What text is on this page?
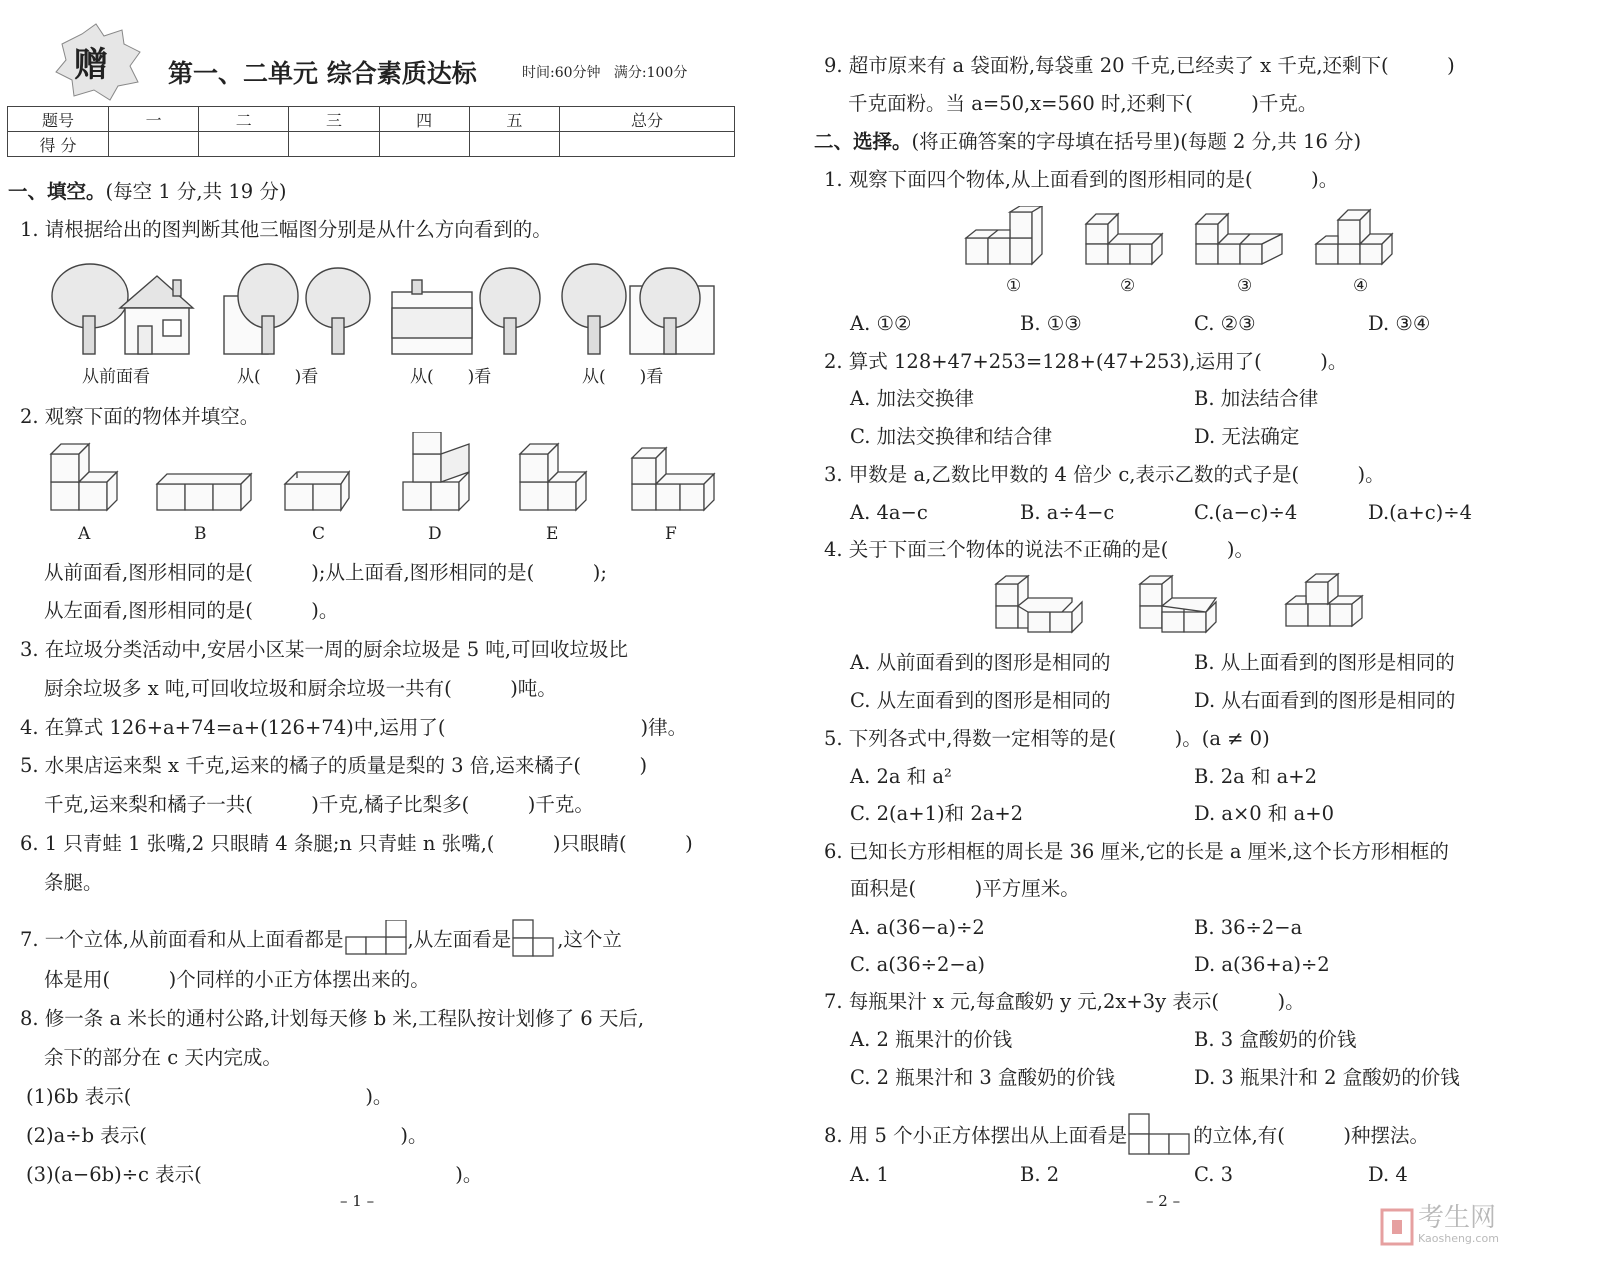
赠 第一、二单元 综合素质达标	时间:60分钟 满分:100分
题号	一	二	三	四	五	总分
得 分						
一、填空。(每空 1 分,共 19 分)
1. 请根据给出的图判断其他三幅图分别是从什么方向看到的。
从前面看	从(　　)看	从(　　)看	从(　　)看
2. 观察下面的物体并填空。
A	B	C	D	E	F
从前面看,图形相同的是(　　　);从上面看,图形相同的是(　　　);
从左面看,图形相同的是(　　　)。
3. 在垃圾分类活动中,安居小区某一周的厨余垃圾是 5 吨,可回收垃圾比
厨余垃圾多 x 吨,可回收垃圾和厨余垃圾一共有(　　　)吨。
4. 在算式 126+a+74=a+(126+74)中,运用了(　　　　　　　　　　)律。
5. 水果店运来梨 x 千克,运来的橘子的质量是梨的 3 倍,运来橘子(　　　)
千克,运来梨和橘子一共(　　　)千克,橘子比梨多(　　　)千克。
6. 1 只青蛙 1 张嘴,2 只眼睛 4 条腿;n 只青蛙 n 张嘴,(　　　)只眼睛(　　　)
条腿。
7. 一个立体,从前面看和从上面看都是	,从左面看是 ,这个立
体是用(　　　)个同样的小正方体摆出来的。
8. 修一条 a 米长的通村公路,计划每天修 b 米,工程队按计划修了 6 天后,
余下的部分在 c 天内完成。
(1)6b 表示(　　　　　　　　　　　　)。
(2)a÷b 表示(　　　　　　　　　　　　　)。
(3)(a−6b)÷c 表示(　　　　　　　　　　　　　)。
– 1 –
9. 超市原来有 a 袋面粉,每袋重 20 千克,已经卖了 x 千克,还剩下(　　　)
千克面粉。当 a=50,x=560 时,还剩下(　　　)千克。
二、选择。(将正确答案的字母填在括号里)(每题 2 分,共 16 分)
1. 观察下面四个物体,从上面看到的图形相同的是(　　　)。
①	②	③	④
A. ①②	B. ①③	C. ②③	D. ③④
2. 算式 128+47+253=128+(47+253),运用了(　　　)。
A. 加法交换律	B. 加法结合律
C. 加法交换律和结合律	D. 无法确定
3. 甲数是 a,乙数比甲数的 4 倍少 c,表示乙数的式子是(　　　)。
A. 4a−c	B. a÷4−c	C.(a−c)÷4	D.(a+c)÷4
4. 关于下面三个物体的说法不正确的是(　　　)。
A. 从前面看到的图形是相同的	B. 从上面看到的图形是相同的
C. 从左面看到的图形是相同的	D. 从右面看到的图形是相同的
5. 下列各式中,得数一定相等的是(　　　)。(a ≠ 0)
A. 2a 和 a²	B. 2a 和 a+2
C. 2(a+1)和 2a+2	D. a×0 和 a+0
6. 已知长方形相框的周长是 36 厘米,它的长是 a 厘米,这个长方形相框的
面积是(　　　)平方厘米。
A. a(36−a)÷2	B. 36÷2−a
C. a(36÷2−a)	D. a(36+a)÷2
7. 每瓶果汁 x 元,每盒酸奶 y 元,2x+3y 表示(　　　)。
A. 2 瓶果汁的价钱	B. 3 盒酸奶的价钱
C. 2 瓶果汁和 3 盒酸奶的价钱	D. 3 瓶果汁和 2 盒酸奶的价钱
8. 用 5 个小正方体摆出从上面看是	的立体,有(　　　)种摆法。
A. 1	B. 2	C. 3	D. 4
– 2 –
考生网
Kaosheng.com
